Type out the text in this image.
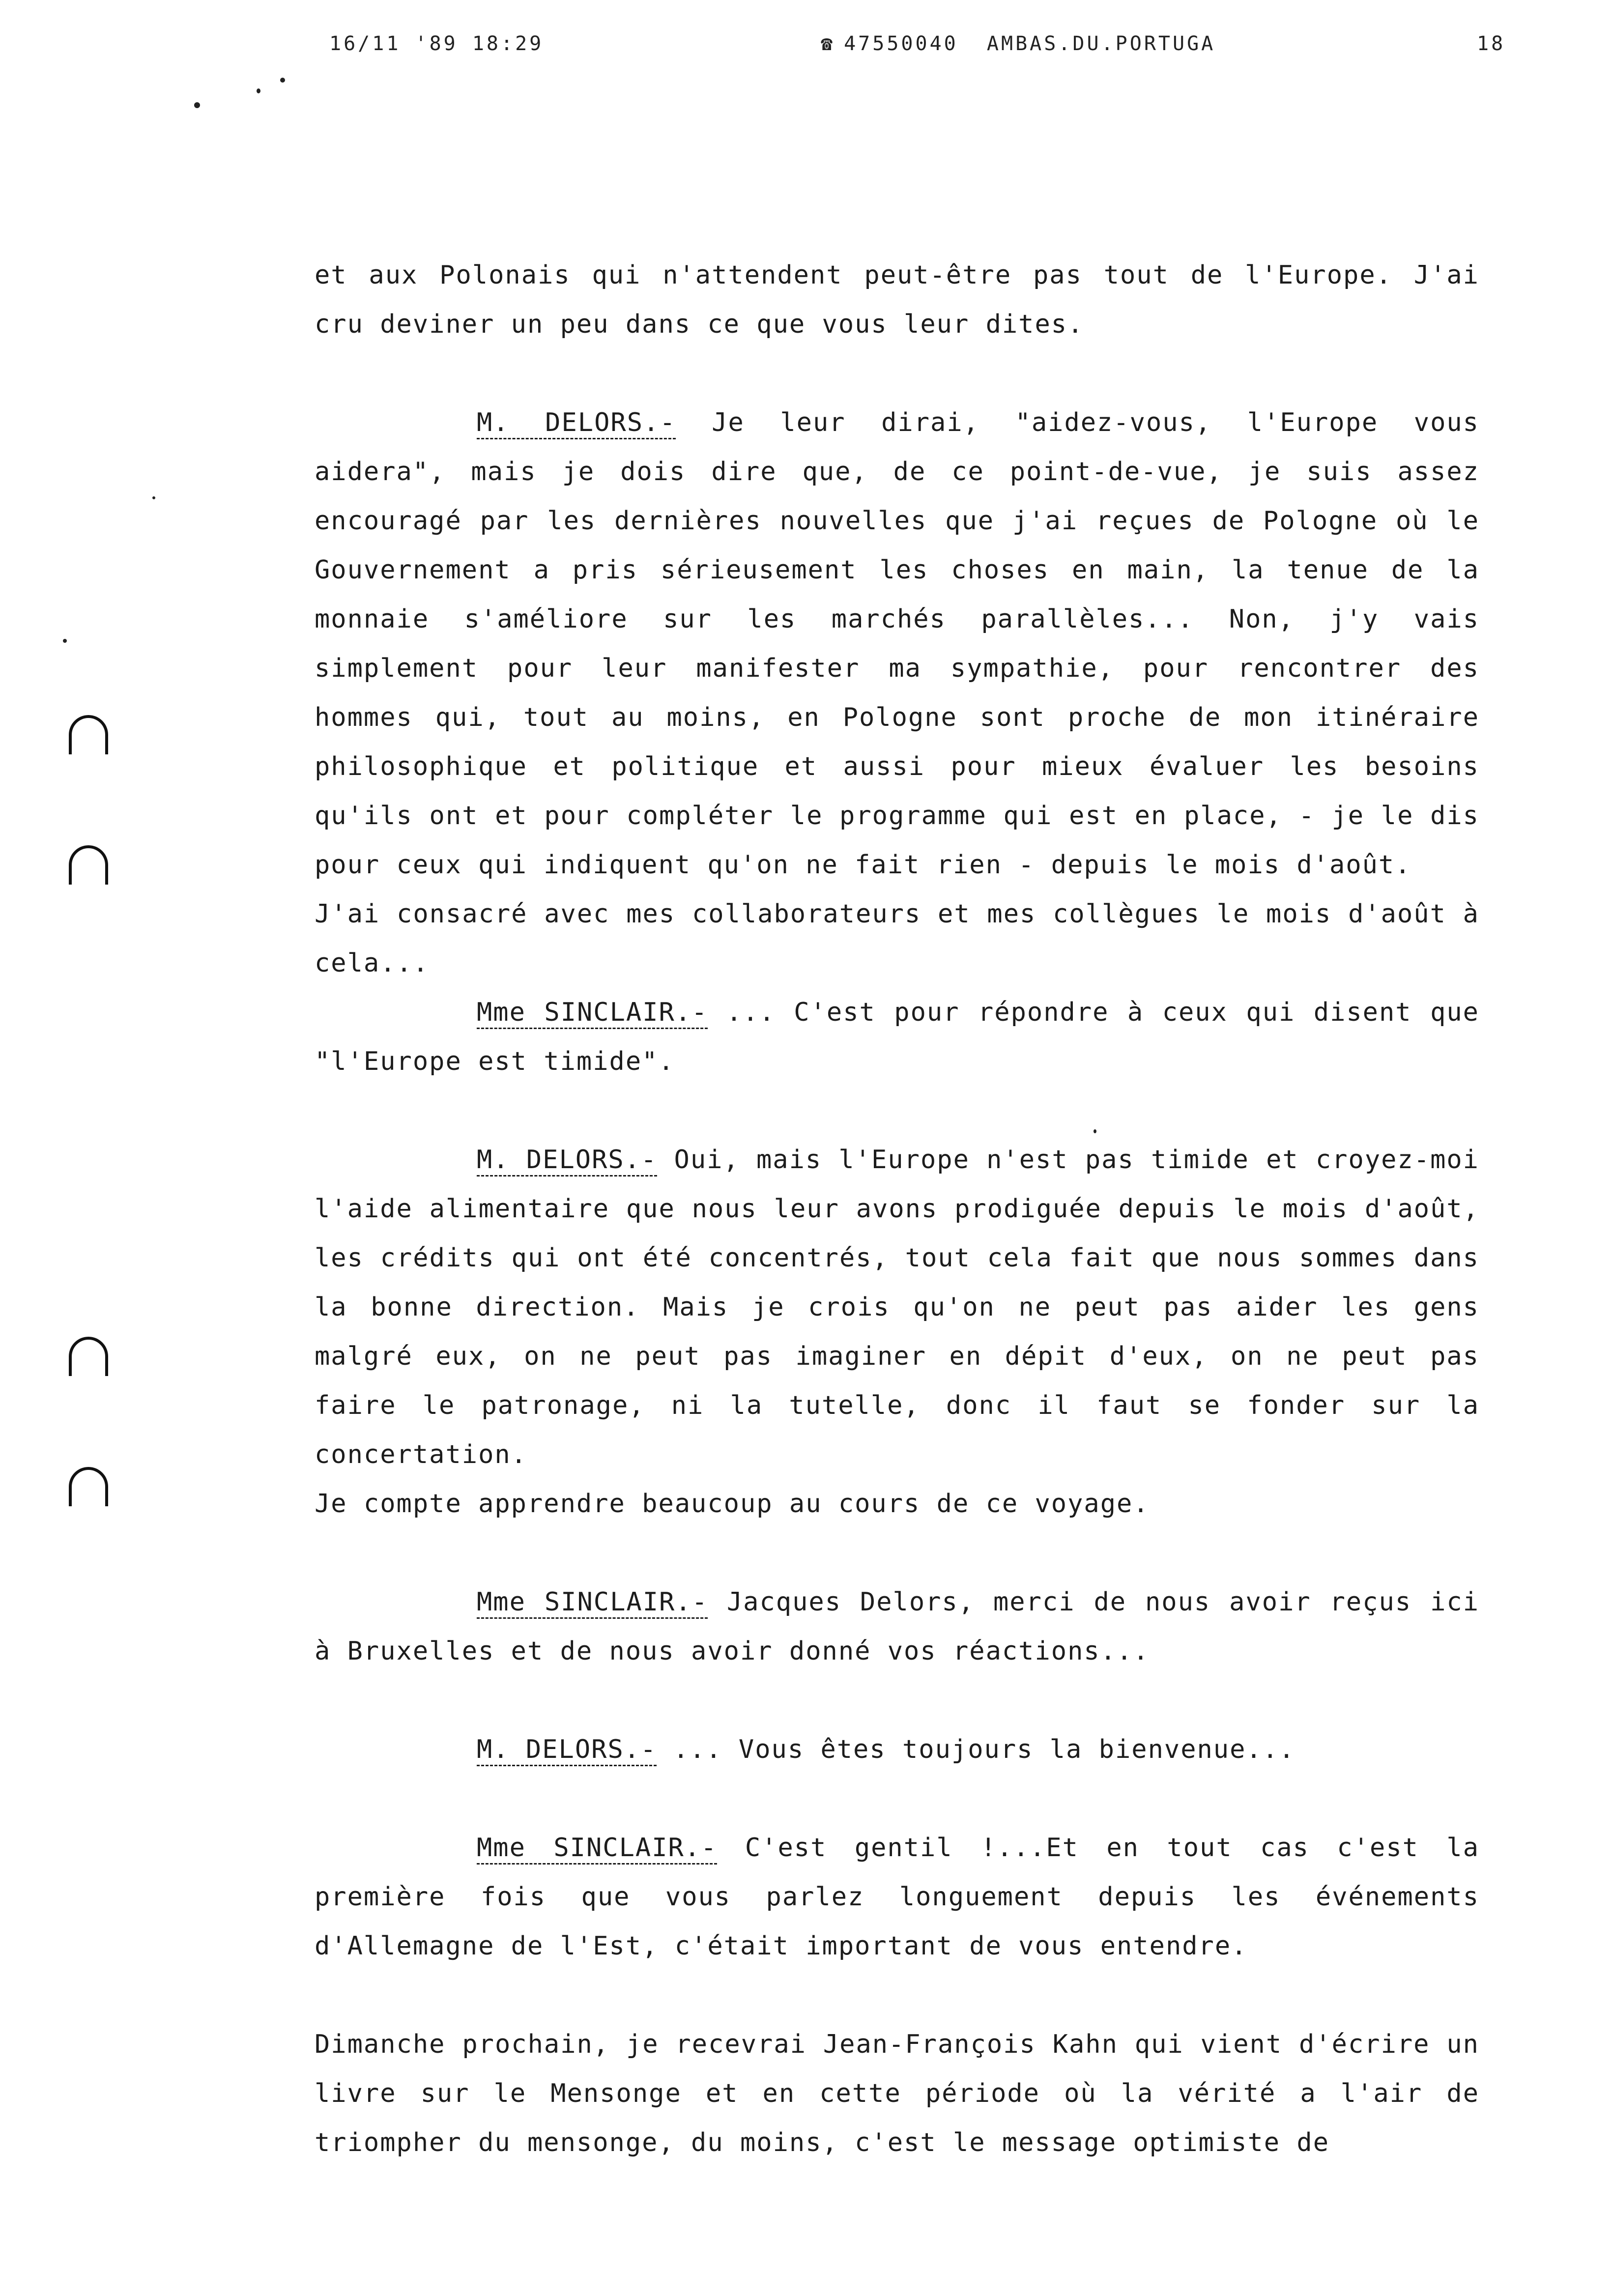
16/11 '89 18:29	☎ 47550040 AMBAS.DU.PORTUGA	18

et aux Polonais qui n'attendent peut-être pas tout de l'Europe. J'ai cru deviner un peu dans ce que vous leur dites.

M. DELORS.- Je leur dirai, "aidez-vous, l'Europe vous aidera", mais je dois dire que, de ce point-de-vue, je suis assez encouragé par les dernières nouvelles que j'ai reçues de Pologne où le Gouvernement a pris sérieusement les choses en main, la tenue de la monnaie s'améliore sur les marchés parallèles... Non, j'y vais simplement pour leur manifester ma sympathie, pour rencontrer des hommes qui, tout au moins, en Pologne sont proche de mon itinéraire philosophique et politique et aussi pour mieux évaluer les besoins qu'ils ont et pour compléter le programme qui est en place, - je le dis pour ceux qui indiquent qu'on ne fait rien - depuis le mois d'août.

J'ai consacré avec mes collaborateurs et mes collègues le mois d'août à cela...

Mme SINCLAIR.- ... C'est pour répondre à ceux qui disent que "l'Europe est timide".

M. DELORS.- Oui, mais l'Europe n'est pas timide et croyez-moi l'aide alimentaire que nous leur avons prodiguée depuis le mois d'août, les crédits qui ont été concentrés, tout cela fait que nous sommes dans la bonne direction. Mais je crois qu'on ne peut pas aider les gens malgré eux, on ne peut pas imaginer en dépit d'eux, on ne peut pas faire le patronage, ni la tutelle, donc il faut se fonder sur la concertation.

Je compte apprendre beaucoup au cours de ce voyage.

Mme SINCLAIR.- Jacques Delors, merci de nous avoir reçus ici à Bruxelles et de nous avoir donné vos réactions...

M. DELORS.- ... Vous êtes toujours la bienvenue...

Mme SINCLAIR.- C'est gentil !...Et en tout cas c'est la première fois que vous parlez longuement depuis les événements d'Allemagne de l'Est, c'était important de vous entendre.

Dimanche prochain, je recevrai Jean-François Kahn qui vient d'écrire un livre sur le Mensonge et en cette période où la vérité a l'air de triompher du mensonge, du moins, c'est le message optimiste de
